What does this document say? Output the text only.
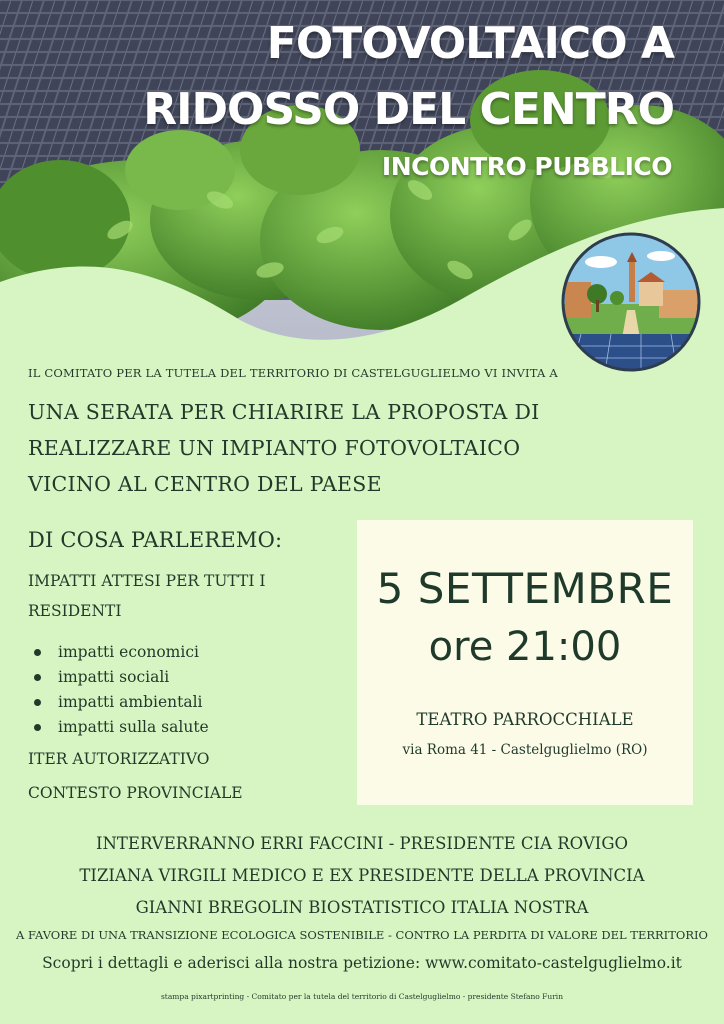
FOTOVOLTAICO A
RIDOSSO DEL CENTRO
INCONTRO PUBBLICO
IL COMITATO PER LA TUTELA DEL TERRITORIO DI CASTELGUGLIELMO VI INVITA A
UNA SERATA PER CHIARIRE LA PROPOSTA DI
REALIZZARE UN IMPIANTO FOTOVOLTAICO
VICINO AL CENTRO DEL PAESE
DI COSA PARLEREMO:
IMPATTI ATTESI PER TUTTI I RESIDENTI
impatti economici
impatti sociali
impatti ambientali
impatti sulla salute
ITER AUTORIZZATIVO
CONTESTO PROVINCIALE
5 SETTEMBRE
ore 21:00
TEATRO PARROCCHIALE
via Roma 41 - Castelguglielmo (RO)
INTERVERRANNO ERRI FACCINI - PRESIDENTE CIA ROVIGO
TIZIANA VIRGILI MEDICO E EX PRESIDENTE DELLA PROVINCIA
GIANNI BREGOLIN BIOSTATISTICO ITALIA NOSTRA
A FAVORE DI UNA TRANSIZIONE ECOLOGICA SOSTENIBILE - CONTRO LA PERDITA DI VALORE DEL TERRITORIO
Scopri i dettagli e aderisci alla nostra petizione: www.comitato-castelguglielmo.it
stampa pixartprinting - Comitato per la tutela del territorio di Castelguglielmo - presidente Stefano Furin
